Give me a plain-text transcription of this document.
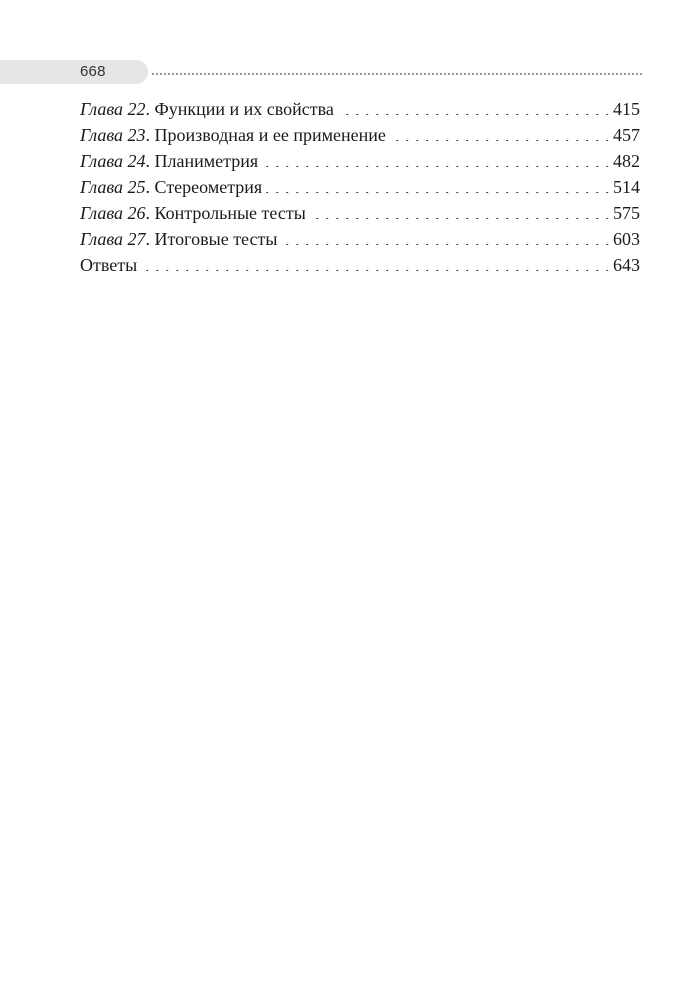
668
Глава 22 . Функции и их свойства . . .	415
Глава 23 . Производная и ее применение . . .	457
Глава 24 . Планиметрия . . .	482
Глава 25 . Стереометрия . . .	514
Глава 26 . Контрольные тесты . . .	575
Глава 27 . Итоговые тесты . . .	603
Ответы . . .	643
